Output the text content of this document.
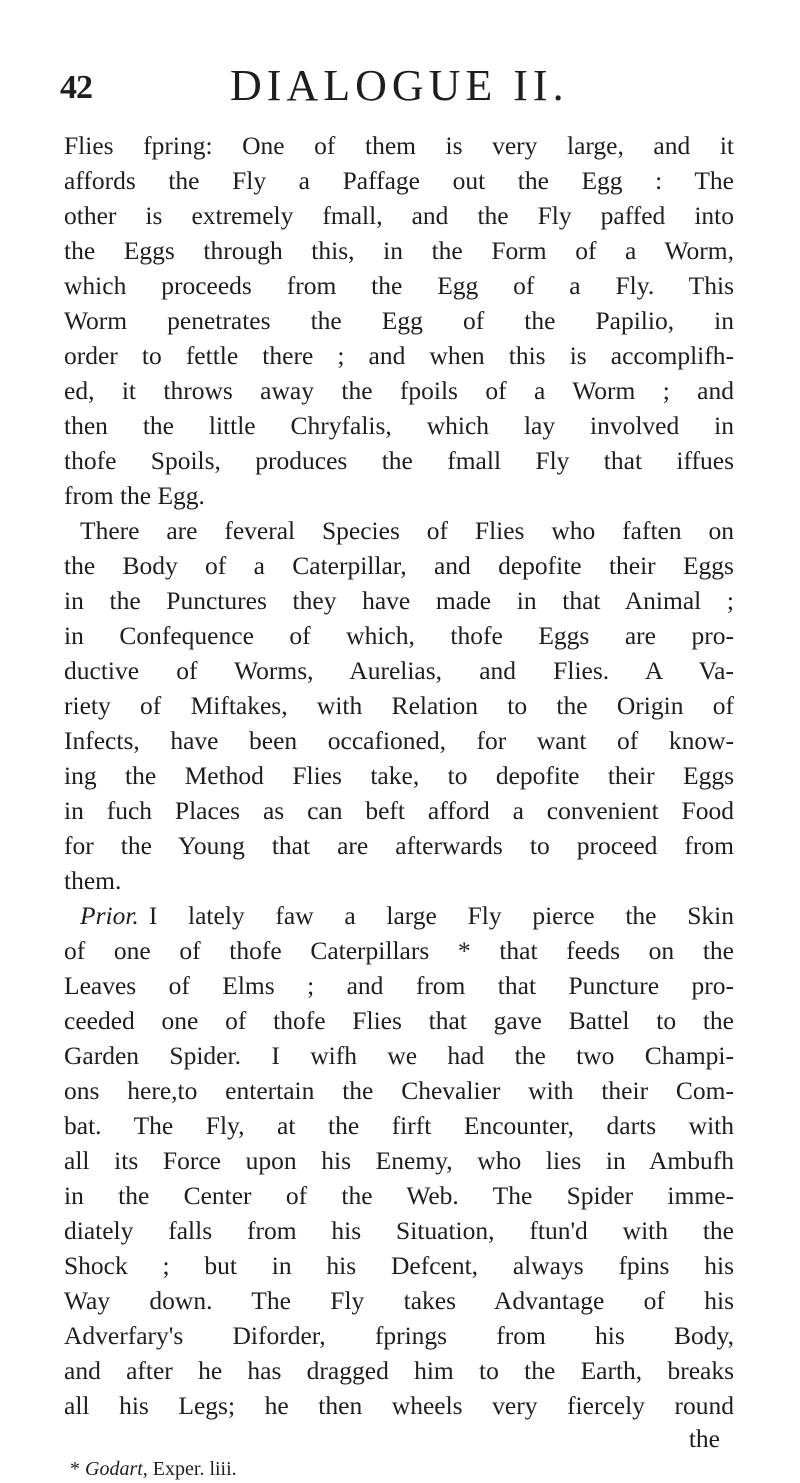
42	DIALOGUE II.
Flies fpring: One of them is very large, and it
affords the Fly a Paffage out the Egg : The
other is extremely fmall, and the Fly paffed into
the Eggs through this, in the Form of a Worm,
which proceeds from the Egg of a Fly. This
Worm penetrates the Egg of the Papilio, in
order to fettle there ; and when this is accomplifh-
ed, it throws away the fpoils of a Worm ; and
then the little Chryfalis, which lay involved in
thofe Spoils, produces the fmall Fly that iffues
from the Egg.
There are feveral Species of Flies who faften on
the Body of a Caterpillar, and depofite their Eggs
in the Punctures they have made in that Animal ;
in Confequence of which, thofe Eggs are pro-
ductive of Worms, Aurelias, and Flies. A Va-
riety of Miftakes, with Relation to the Origin of
Infects, have been occafioned, for want of know-
ing the Method Flies take, to depofite their Eggs
in fuch Places as can beft afford a convenient Food
for the Young that are afterwards to proceed from
them.
Prior. I lately faw a large Fly pierce the Skin
of one of thofe Caterpillars * that feeds on the
Leaves of Elms ; and from that Puncture pro-
ceeded one of thofe Flies that gave Battel to the
Garden Spider. I wifh we had the two Champi-
ons here,to entertain the Chevalier with their Com-
bat. The Fly, at the firft Encounter, darts with
all its Force upon his Enemy, who lies in Ambufh
in the Center of the Web. The Spider imme-
diately falls from his Situation, ftun'd with the
Shock ; but in his Defcent, always fpins his
Way down. The Fly takes Advantage of his
Adverfary's Diforder, fprings from his Body,
and after he has dragged him to the Earth, breaks
all his Legs; he then wheels very fiercely round
the
* Godart, Exper. liii.
